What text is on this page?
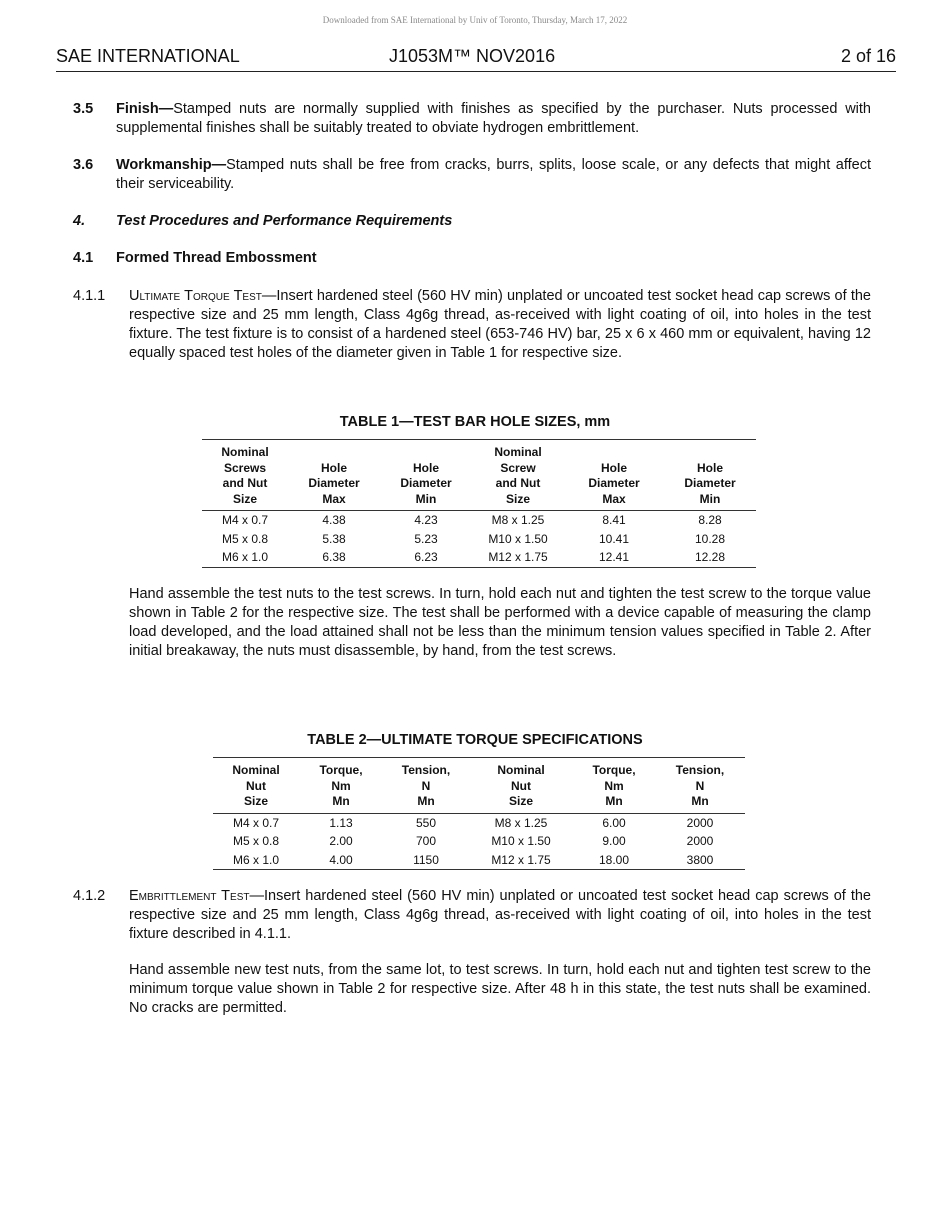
Downloaded from SAE International by Univ of Toronto, Thursday, March 17, 2022
SAE INTERNATIONAL	J1053M™ NOV2016	2 of 16
3.5 Finish—Stamped nuts are normally supplied with finishes as specified by the purchaser. Nuts processed with supplemental finishes shall be suitably treated to obviate hydrogen embrittlement.
3.6 Workmanship—Stamped nuts shall be free from cracks, burrs, splits, loose scale, or any defects that might affect their serviceability.
4. Test Procedures and Performance Requirements
4.1 Formed Thread Embossment
4.1.1 Ultimate Torque Test—Insert hardened steel (560 HV min) unplated or uncoated test socket head cap screws of the respective size and 25 mm length, Class 4g6g thread, as-received with light coating of oil, into holes in the test fixture. The test fixture is to consist of a hardened steel (653-746 HV) bar, 25 x 6 x 460 mm or equivalent, having 12 equally spaced test holes of the diameter given in Table 1 for respective size.
TABLE 1—TEST BAR HOLE SIZES, mm
Nominal
Screws
and Nut
Size	Hole
Diameter
Max	Hole
Diameter
Min	Nominal
Screw
and Nut
Size	Hole
Diameter
Max	Hole
Diameter
Min
M4 x 0.7	4.38	4.23	M8 x 1.25	8.41	8.28
M5 x 0.8	5.38	5.23	M10 x 1.50	10.41	10.28
M6 x 1.0	6.38	6.23	M12 x 1.75	12.41	12.28
Hand assemble the test nuts to the test screws. In turn, hold each nut and tighten the test screw to the torque value shown in Table 2 for the respective size. The test shall be performed with a device capable of measuring the clamp load developed, and the load attained shall not be less than the minimum tension values specified in Table 2. After initial breakaway, the nuts must disassemble, by hand, from the test screws.
TABLE 2—ULTIMATE TORQUE SPECIFICATIONS
Nominal
Nut
Size	Torque,
Nm
Mn	Tension,
N
Mn	Nominal
Nut
Size	Torque,
Nm
Mn	Tension,
N
Mn
M4 x 0.7	1.13	550	M8 x 1.25	6.00	2000
M5 x 0.8	2.00	700	M10 x 1.50	9.00	2000
M6 x 1.0	4.00	1150	M12 x 1.75	18.00	3800
4.1.2 Embrittlement Test—Insert hardened steel (560 HV min) unplated or uncoated test socket head cap screws of the respective size and 25 mm length, Class 4g6g thread, as-received with light coating of oil, into holes in the test fixture described in 4.1.1.
Hand assemble new test nuts, from the same lot, to test screws. In turn, hold each nut and tighten test screw to the minimum torque value shown in Table 2 for respective size. After 48 h in this state, the test nuts shall be examined. No cracks are permitted.
